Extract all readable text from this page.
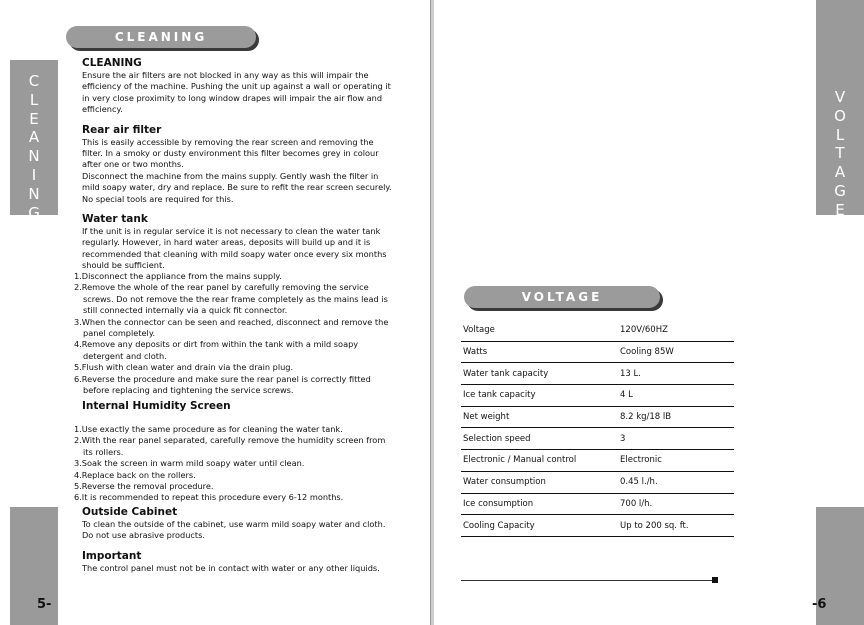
C
L
E
A
N
I
N
G
5-
V
O
L
T
A
G
E
-6
CLEANING
CLEANING

Ensure the air filters are not blocked in any way as this will impair the efficiency of the machine. Pushing the unit up against a wall or operating it in very close proximity to long window drapes will impair the air flow and efficiency.

Rear air filter

This is easily accessible by removing the rear screen and removing the filter. In a smoky or dusty environment this filter becomes grey in colour after one or two months.
Disconnect the machine from the mains supply. Gently wash the filter in mild soapy water, dry and replace. Be sure to refit the rear screen securely. No special tools are required for this.

Water tank

If the unit is in regular service it is not necessary to clean the water tank regularly. However, in hard water areas, deposits will build up and it is recommended that cleaning with mild soapy water once every six months should be sufficient.

1.Disconnect the appliance from the mains supply.
2.Remove the whole of the rear panel by carefully removing the service screws. Do not remove the the rear frame completely as the mains lead is still connected internally via a quick fit connector.
3.When the connector can be seen and reached, disconnect and remove the panel completely.
4.Remove any deposits or dirt from within the tank with a mild soapy detergent and cloth.
5.Flush with clean water and drain via the drain plug.
6.Reverse the procedure and make sure the rear panel is correctly fitted before replacing and tightening the service screws.
Internal Humidity Screen
1.Use exactly the same procedure as for cleaning the water tank.
2.With the rear panel separated, carefully remove the humidity screen from its rollers.
3.Soak the screen in warm mild soapy water until clean.
4.Replace back on the rollers.
5.Reverse the removal procedure.
6.It is recommended to repeat this procedure every 6-12 months.
Outside Cabinet

To clean the outside of the cabinet, use warm mild soapy water and cloth. Do not use abrasive products.

Important

The control panel must not be in contact with water or any other liquids.

VOLTAGE
Voltage	120V/60HZ
Watts	Cooling 85W
Water tank capacity	13 L.
Ice tank capacity	4 L
Net weight	8.2 kg/18 lB
Selection speed	3
Electronic / Manual control	Electronic
Water consumption	0.45 l./h.
Ice consumption	700 l/h.
Cooling Capacity	Up to 200 sq. ft.
